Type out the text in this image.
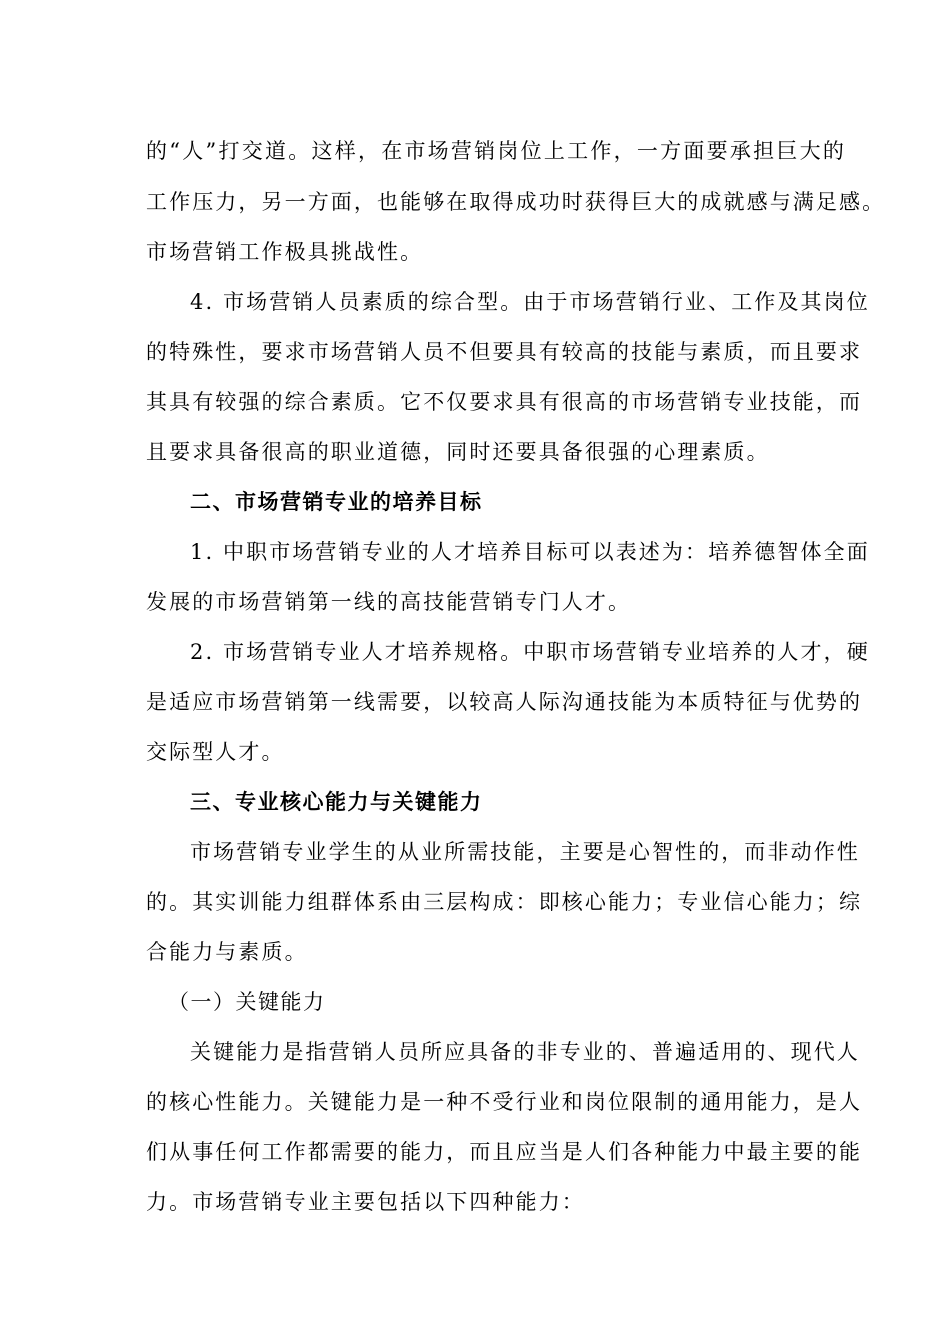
的“人”打交道。这样，在市场营销岗位上工作，一方面要承担巨大的
工作压力，另一方面，也能够在取得成功时获得巨大的成就感与满足感。
市场营销工作极具挑战性。
4. 市场营销人员素质的综合型。由于市场营销行业、工作及其岗位
的特殊性，要求市场营销人员不但要具有较高的技能与素质，而且要求
其具有较强的综合素质。它不仅要求具有很高的市场营销专业技能，而
且要求具备很高的职业道德，同时还要具备很强的心理素质。
二、市场营销专业的培养目标
1. 中职市场营销专业的人才培养目标可以表述为：培养德智体全面
发展的市场营销第一线的高技能营销专门人才。
2. 市场营销专业人才培养规格。中职市场营销专业培养的人才，硬
是适应市场营销第一线需要，以较高人际沟通技能为本质特征与优势的
交际型人才。
三、专业核心能力与关键能力
市场营销专业学生的从业所需技能，主要是心智性的，而非动作性
的。其实训能力组群体系由三层构成：即核心能力；专业信心能力；综
合能力与素质。
（一）关键能力
关键能力是指营销人员所应具备的非专业的、普遍适用的、现代人
的核心性能力。关键能力是一种不受行业和岗位限制的通用能力，是人
们从事任何工作都需要的能力，而且应当是人们各种能力中最主要的能
力。市场营销专业主要包括以下四种能力：
